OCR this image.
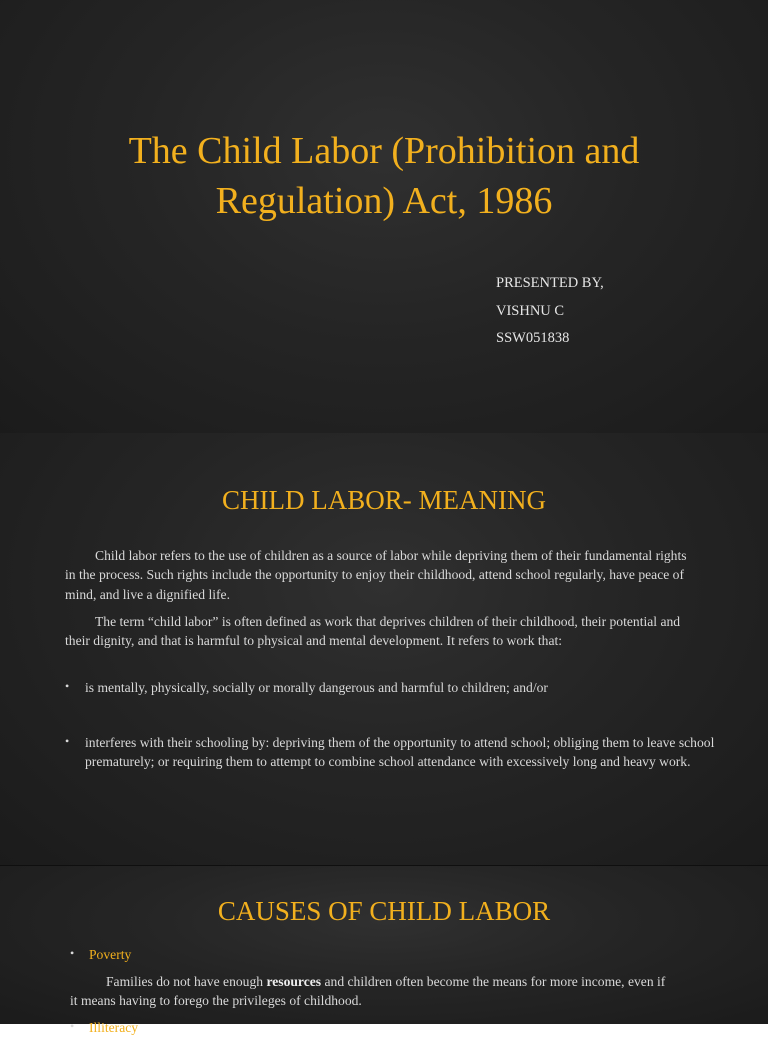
The Child Labor (Prohibition and Regulation) Act, 1986
PRESENTED BY,
VISHNU C
SSW051838
CHILD LABOR- MEANING

Child labor refers to the use of children as a source of labor while depriving them of their fundamental rights in the process. Such rights include the opportunity to enjoy their childhood, attend school regularly, have peace of mind, and live a dignified life.

The term “child labor” is often defined as work that deprives children of their childhood, their potential and their dignity, and that is harmful to physical and mental development. It refers to work that:

• is mentally, physically, socially or morally dangerous and harmful to children; and/or
• interferes with their schooling by: depriving them of the opportunity to attend school; obliging them to leave school prematurely; or requiring them to attempt to combine school attendance with excessively long and heavy work.
CAUSES OF CHILD LABOR
• Poverty

Families do not have enough resources and children often become the means for more income, even if it means having to forego the privileges of childhood.

• Illiteracy
